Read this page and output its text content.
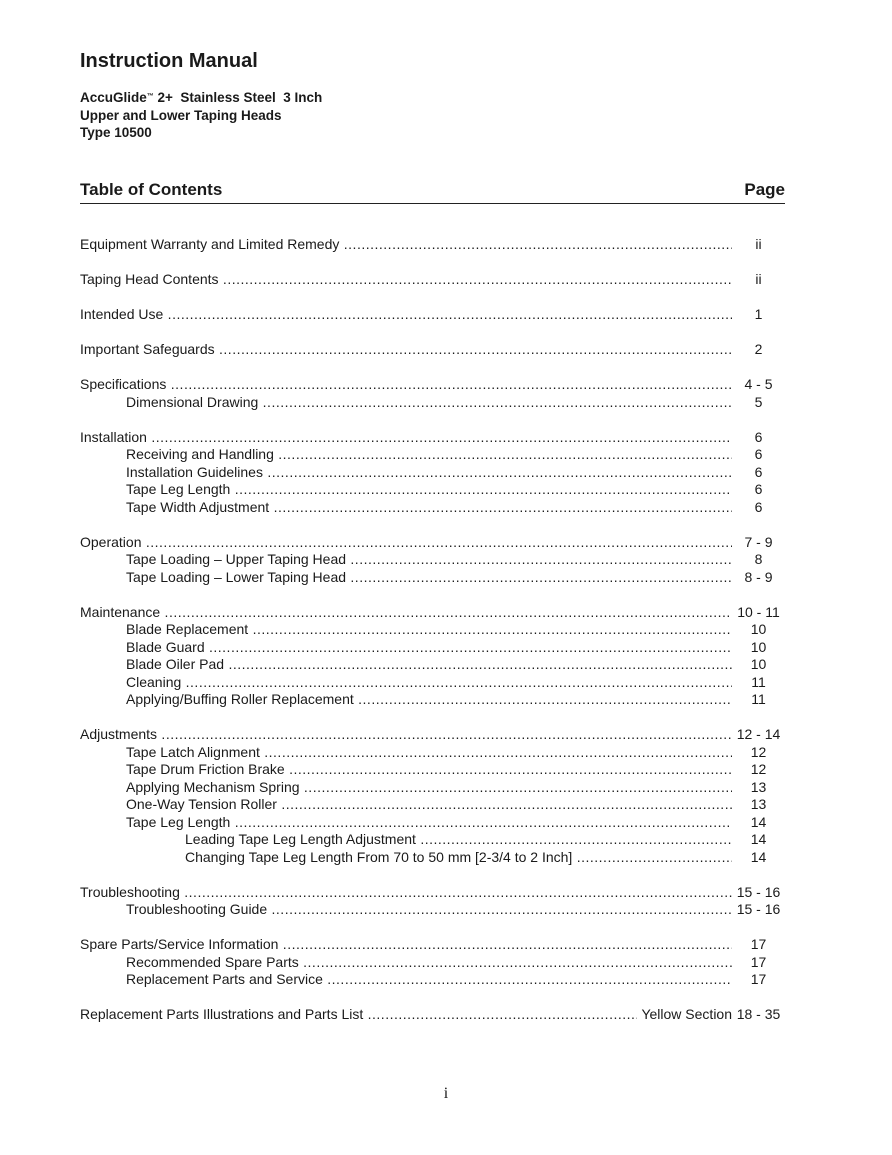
Instruction Manual
AccuGlide™ 2+  Stainless Steel  3 Inch
Upper and Lower Taping Heads
Type 10500
Table of Contents	Page
Equipment Warranty and Limited Remedy .....	ii
Taping Head Contents .....	ii
Intended Use .....	1
Important Safeguards .....	2
Specifications .....	4 - 5
Dimensional Drawing .....	5
Installation .....	6
Receiving and Handling .....	6
Installation Guidelines .....	6
Tape Leg Length .....	6
Tape Width Adjustment .....	6
Operation .....	7 - 9
Tape Loading – Upper Taping Head .....	8
Tape Loading – Lower Taping Head .....	8 - 9
Maintenance .....	10 - 11
Blade Replacement .....	10
Blade Guard .....	10
Blade Oiler Pad .....	10
Cleaning .....	11
Applying/Buffing Roller Replacement .....	11
Adjustments .....	12 - 14
Tape Latch Alignment .....	12
Tape Drum Friction Brake .....	12
Applying Mechanism Spring .....	13
One-Way Tension Roller .....	13
Tape Leg Length .....	14
Leading Tape Leg Length Adjustment .....	14
Changing Tape Leg Length From 70 to 50 mm [2-3/4 to 2 Inch] .....	14
Troubleshooting .....	15 - 16
Troubleshooting Guide .....	15 - 16
Spare Parts/Service Information .....	17
Recommended Spare Parts .....	17
Replacement Parts and Service .....	17
Replacement Parts Illustrations and Parts List .....	Yellow Section 18 - 35
i
